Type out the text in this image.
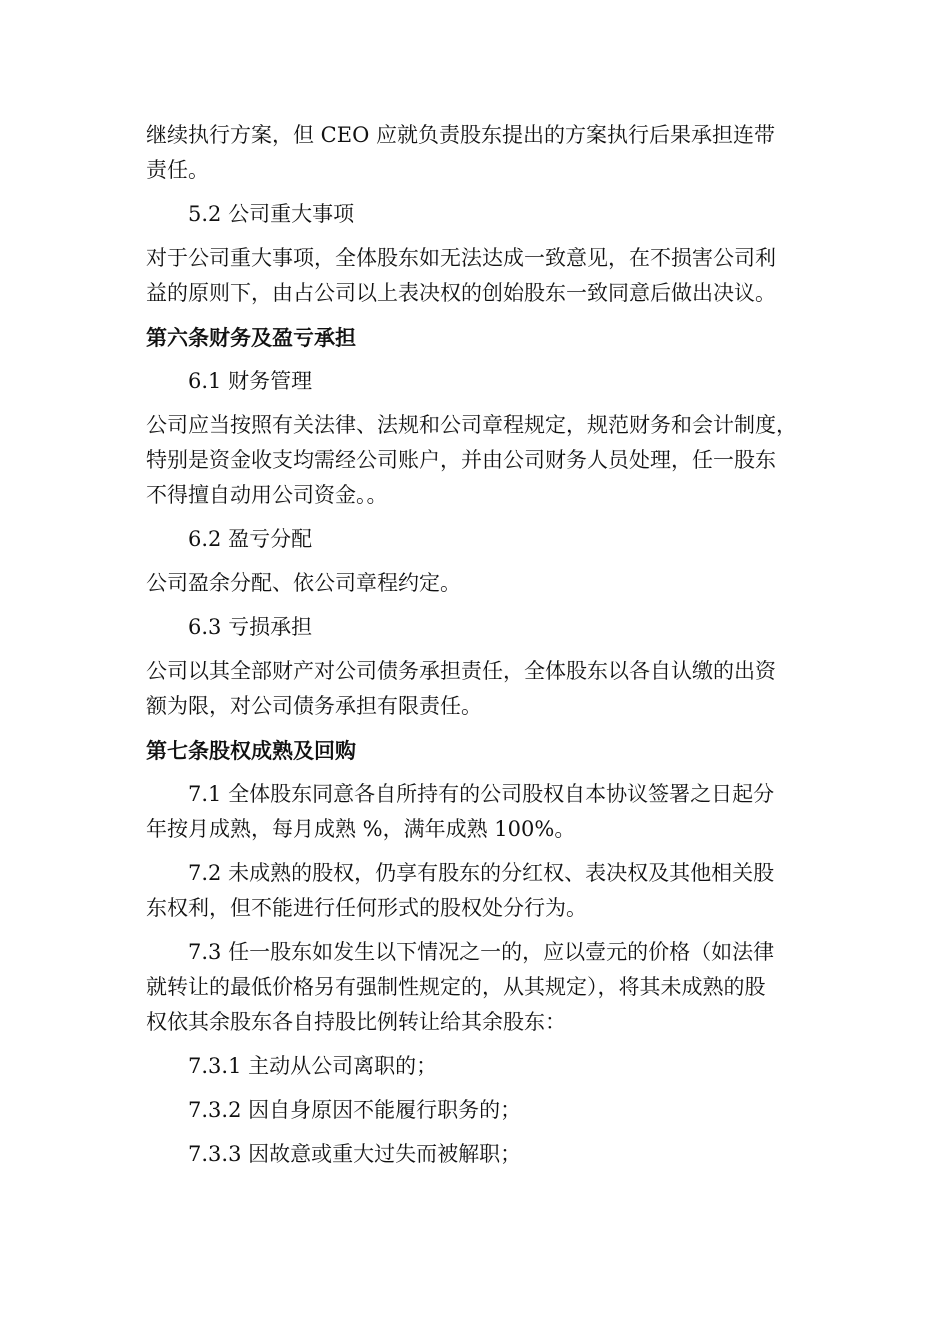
继续执行方案，但 CEO 应就负责股东提出的方案执行后果承担连带
责任。
5.2 公司重大事项
对于公司重大事项，全体股东如无法达成一致意见，在不损害公司利
益的原则下，由占公司以上表决权的创始股东一致同意后做出决议。
第六条财务及盈亏承担
6.1 财务管理
公司应当按照有关法律、法规和公司章程规定，规范财务和会计制度，
特别是资金收支均需经公司账户，并由公司财务人员处理，任一股东
不得擅自动用公司资金。。
6.2 盈亏分配
公司盈余分配、依公司章程约定。
6.3 亏损承担
公司以其全部财产对公司债务承担责任，全体股东以各自认缴的出资
额为限，对公司债务承担有限责任。
第七条股权成熟及回购
7.1 全体股东同意各自所持有的公司股权自本协议签署之日起分
年按月成熟，每月成熟 %，满年成熟 100%。
7.2 未成熟的股权，仍享有股东的分红权、表决权及其他相关股
东权利，但不能进行任何形式的股权处分行为。
7.3 任一股东如发生以下情况之一的，应以壹元的价格（如法律
就转让的最低价格另有强制性规定的，从其规定），将其未成熟的股
权依其余股东各自持股比例转让给其余股东：
7.3.1 主动从公司离职的；
7.3.2 因自身原因不能履行职务的；
7.3.3 因故意或重大过失而被解职；
